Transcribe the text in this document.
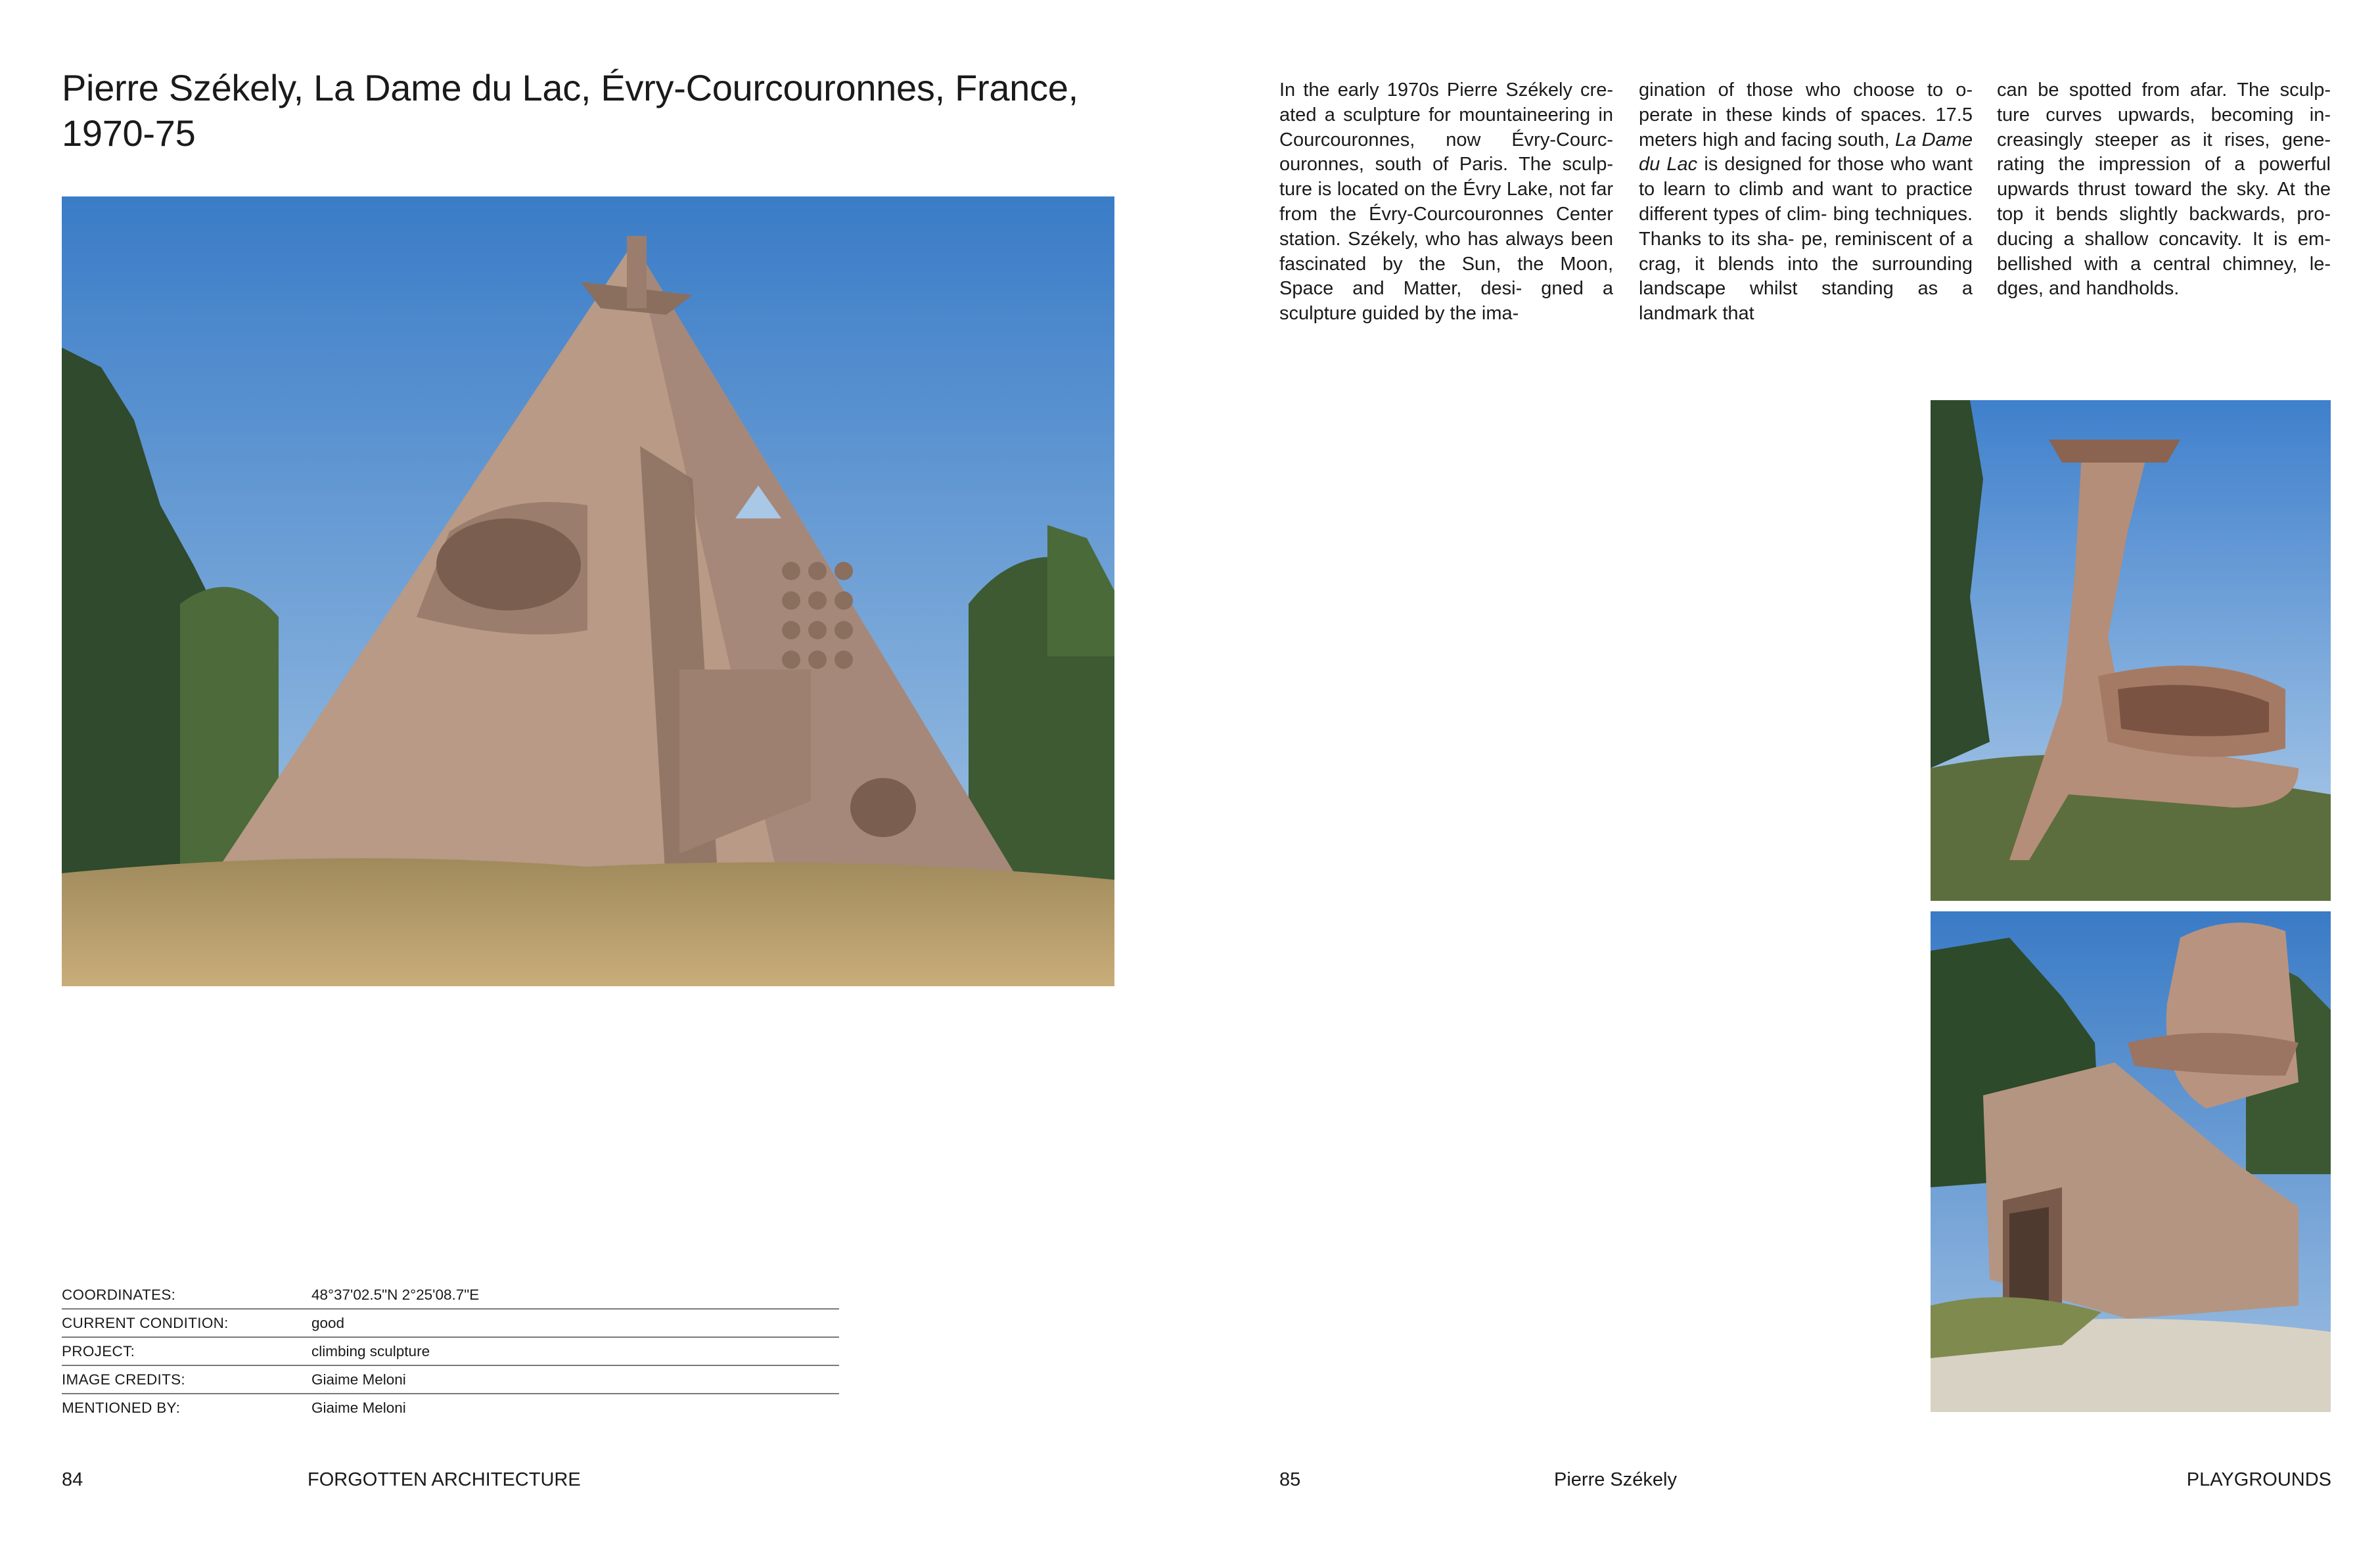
Pierre Székely, La Dame du Lac, Évry-Courcouronnes, France, 1970-75

In the early 1970s Pierre Székely cre- ated a sculpture for mountaineering in Courcouronnes, now Évry-Courc- ouronnes, south of Paris. The sculp- ture is located on the Évry Lake, not far from the Évry-Courcouronnes Center station. Székely, who has always been fascinated by the Sun, the Moon, Space and Matter, desi- gned a sculpture guided by the ima-

gination of those who choose to o- perate in these kinds of spaces. 17.5 meters high and facing south, La Dame du Lac is designed for those who want to learn to climb and want to practice different types of clim- bing techniques. Thanks to its sha- pe, reminiscent of a crag, it blends into the surrounding landscape whilst standing as a landmark that

can be spotted from afar. The sculp- ture curves upwards, becoming in- creasingly steeper as it rises, gene- rating the impression of a powerful upwards thrust toward the sky. At the top it bends slightly backwards, pro- ducing a shallow concavity. It is em- bellished with a central chimney, le- dges, and handholds.

COORDINATES:	48°37'02.5"N 2°25'08.7"E
CURRENT CONDITION:	good
PROJECT:	climbing sculpture
IMAGE CREDITS:	Giaime Meloni
MENTIONED BY:	Giaime Meloni
84	FORGOTTEN ARCHITECTURE	85	Pierre Székely	PLAYGROUNDS
